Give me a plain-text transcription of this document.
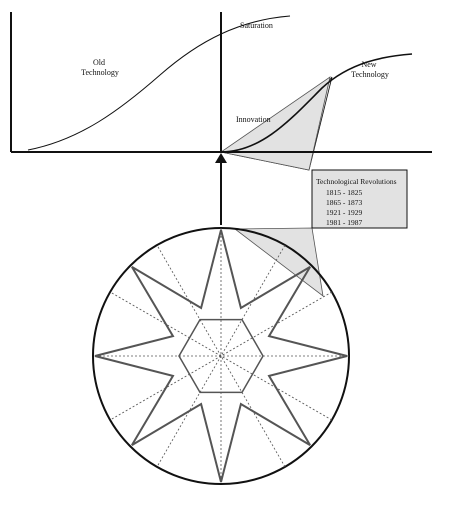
Old Technology
Saturation
New Technology
Innovation
Technological Revolutions
1815 - 1825
1865 - 1873
1921 - 1929
1981 - 1987
